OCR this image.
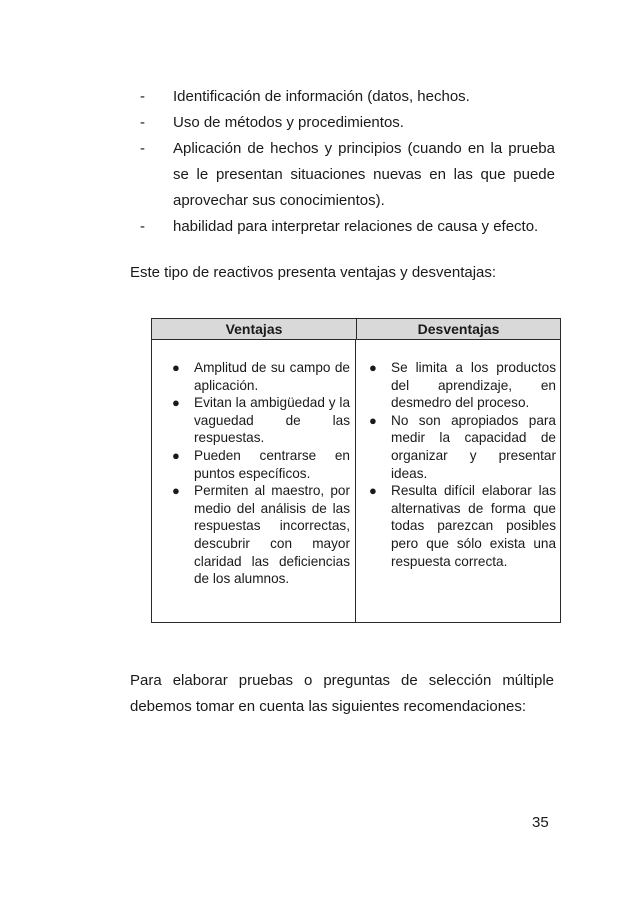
- Identificación de información (datos, hechos.
- Uso de métodos y procedimientos.
- Aplicación de hechos y principios (cuando en la prueba se le presentan situaciones nuevas en las que puede aprovechar sus conocimientos).
- habilidad para interpretar relaciones de causa y efecto.

Este tipo de reactivos presenta ventajas y desventajas:

Ventajas	Desventajas
● Amplitud de su campo de aplicación.
● Evitan la ambigüedad y la vaguedad de las respuestas.
● Pueden centrarse en puntos específicos.
● Permiten al maestro, por medio del análisis de las respuestas incorrectas, descubrir con mayor claridad las deficiencias de los alumnos.
● Se limita a los productos del aprendizaje, en desmedro del proceso.
● No son apropiados para medir la capacidad de organizar y presentar ideas.
● Resulta difícil elaborar las alternativas de forma que todas parezcan posibles pero que sólo exista una respuesta correcta.

Para elaborar pruebas o preguntas de selección múltiple
debemos tomar en cuenta las siguientes recomendaciones:

35
